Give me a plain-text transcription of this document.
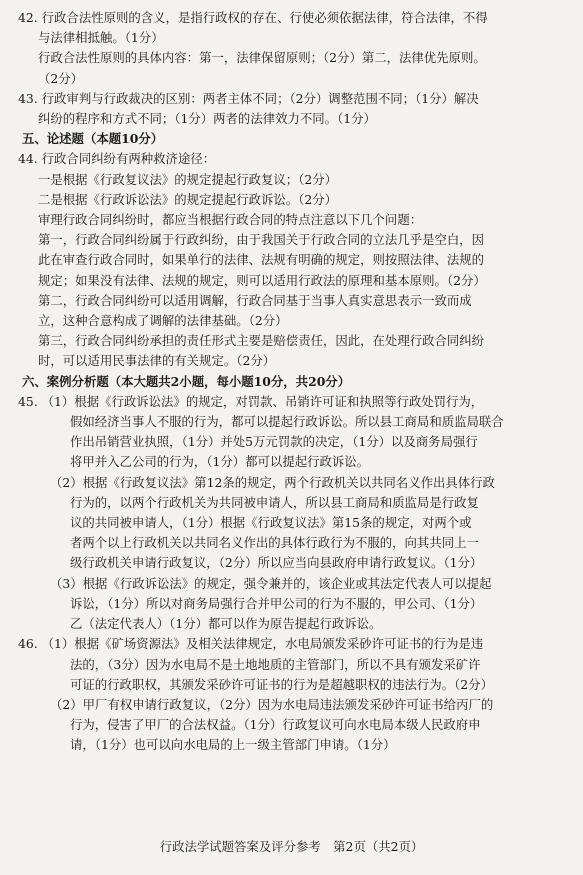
42. 行政合法性原则的含义，是指行政权的存在、行使必须依据法律，符合法律，不得
与法律相抵触。（1分）
行政合法性原则的具体内容：第一，法律保留原则；（2分）第二，法律优先原则。
（2分）
43. 行政审判与行政裁决的区别：两者主体不同；（2分）调整范围不同；（1分）解决
纠纷的程序和方式不同；（1分）两者的法律效力不同。（1分）
五、论述题（本题10分）
44. 行政合同纠纷有两种救济途径：
一是根据《行政复议法》的规定提起行政复议；（2分）
二是根据《行政诉讼法》的规定提起行政诉讼。（2分）
审理行政合同纠纷时，都应当根据行政合同的特点注意以下几个问题：
第一，行政合同纠纷属于行政纠纷，由于我国关于行政合同的立法几乎是空白，因
此在审查行政合同时，如果单行的法律、法规有明确的规定，则按照法律、法规的
规定；如果没有法律、法规的规定，则可以适用行政法的原理和基本原则。（2分）
第二，行政合同纠纷可以适用调解，行政合同基于当事人真实意思表示一致而成
立，这种合意构成了调解的法律基础。（2分）
第三，行政合同纠纷承担的责任形式主要是赔偿责任，因此，在处理行政合同纠纷
时，可以适用民事法律的有关规定。（2分）
六、案例分析题（本大题共2小题，每小题10分，共20分）
45. （1）根据《行政诉讼法》的规定，对罚款、吊销许可证和执照等行政处罚行为，
假如经济当事人不服的行为，都可以提起行政诉讼。所以县工商局和质监局联合
作出吊销营业执照，（1分）并处5万元罚款的决定，（1分）以及商务局强行
将甲并入乙公司的行为，（1分）都可以提起行政诉讼。
（2）根据《行政复议法》第12条的规定，两个行政机关以共同名义作出具体行政
行为的，以两个行政机关为共同被申请人，所以县工商局和质监局是行政复
议的共同被申请人，（1分）根据《行政复议法》第15条的规定，对两个或
者两个以上行政机关以共同名义作出的具体行政行为不服的，向其共同上一
级行政机关申请行政复议，（2分）所以应当向县政府申请行政复议。（1分）
（3）根据《行政诉讼法》的规定，强令兼并的，该企业或其法定代表人可以提起
诉讼，（1分）所以对商务局强行合并甲公司的行为不服的，甲公司、（1分）
乙（法定代表人）（1分）都可以作为原告提起行政诉讼。
46. （1）根据《矿场资源法》及相关法律规定，水电局颁发采砂许可证书的行为是违
法的，（3分）因为水电局不是土地地质的主管部门，所以不具有颁发采矿许
可证的行政职权，其颁发采砂许可证书的行为是超越职权的违法行为。（2分）
（2）甲厂有权申请行政复议，（2分）因为水电局违法颁发采砂许可证书给丙厂的
行为，侵害了甲厂的合法权益。（1分）行政复议可向水电局本级人民政府申
请，（1分）也可以向水电局的上一级主管部门申请。（1分）
行政法学试题答案及评分参考　第2页（共2页）
